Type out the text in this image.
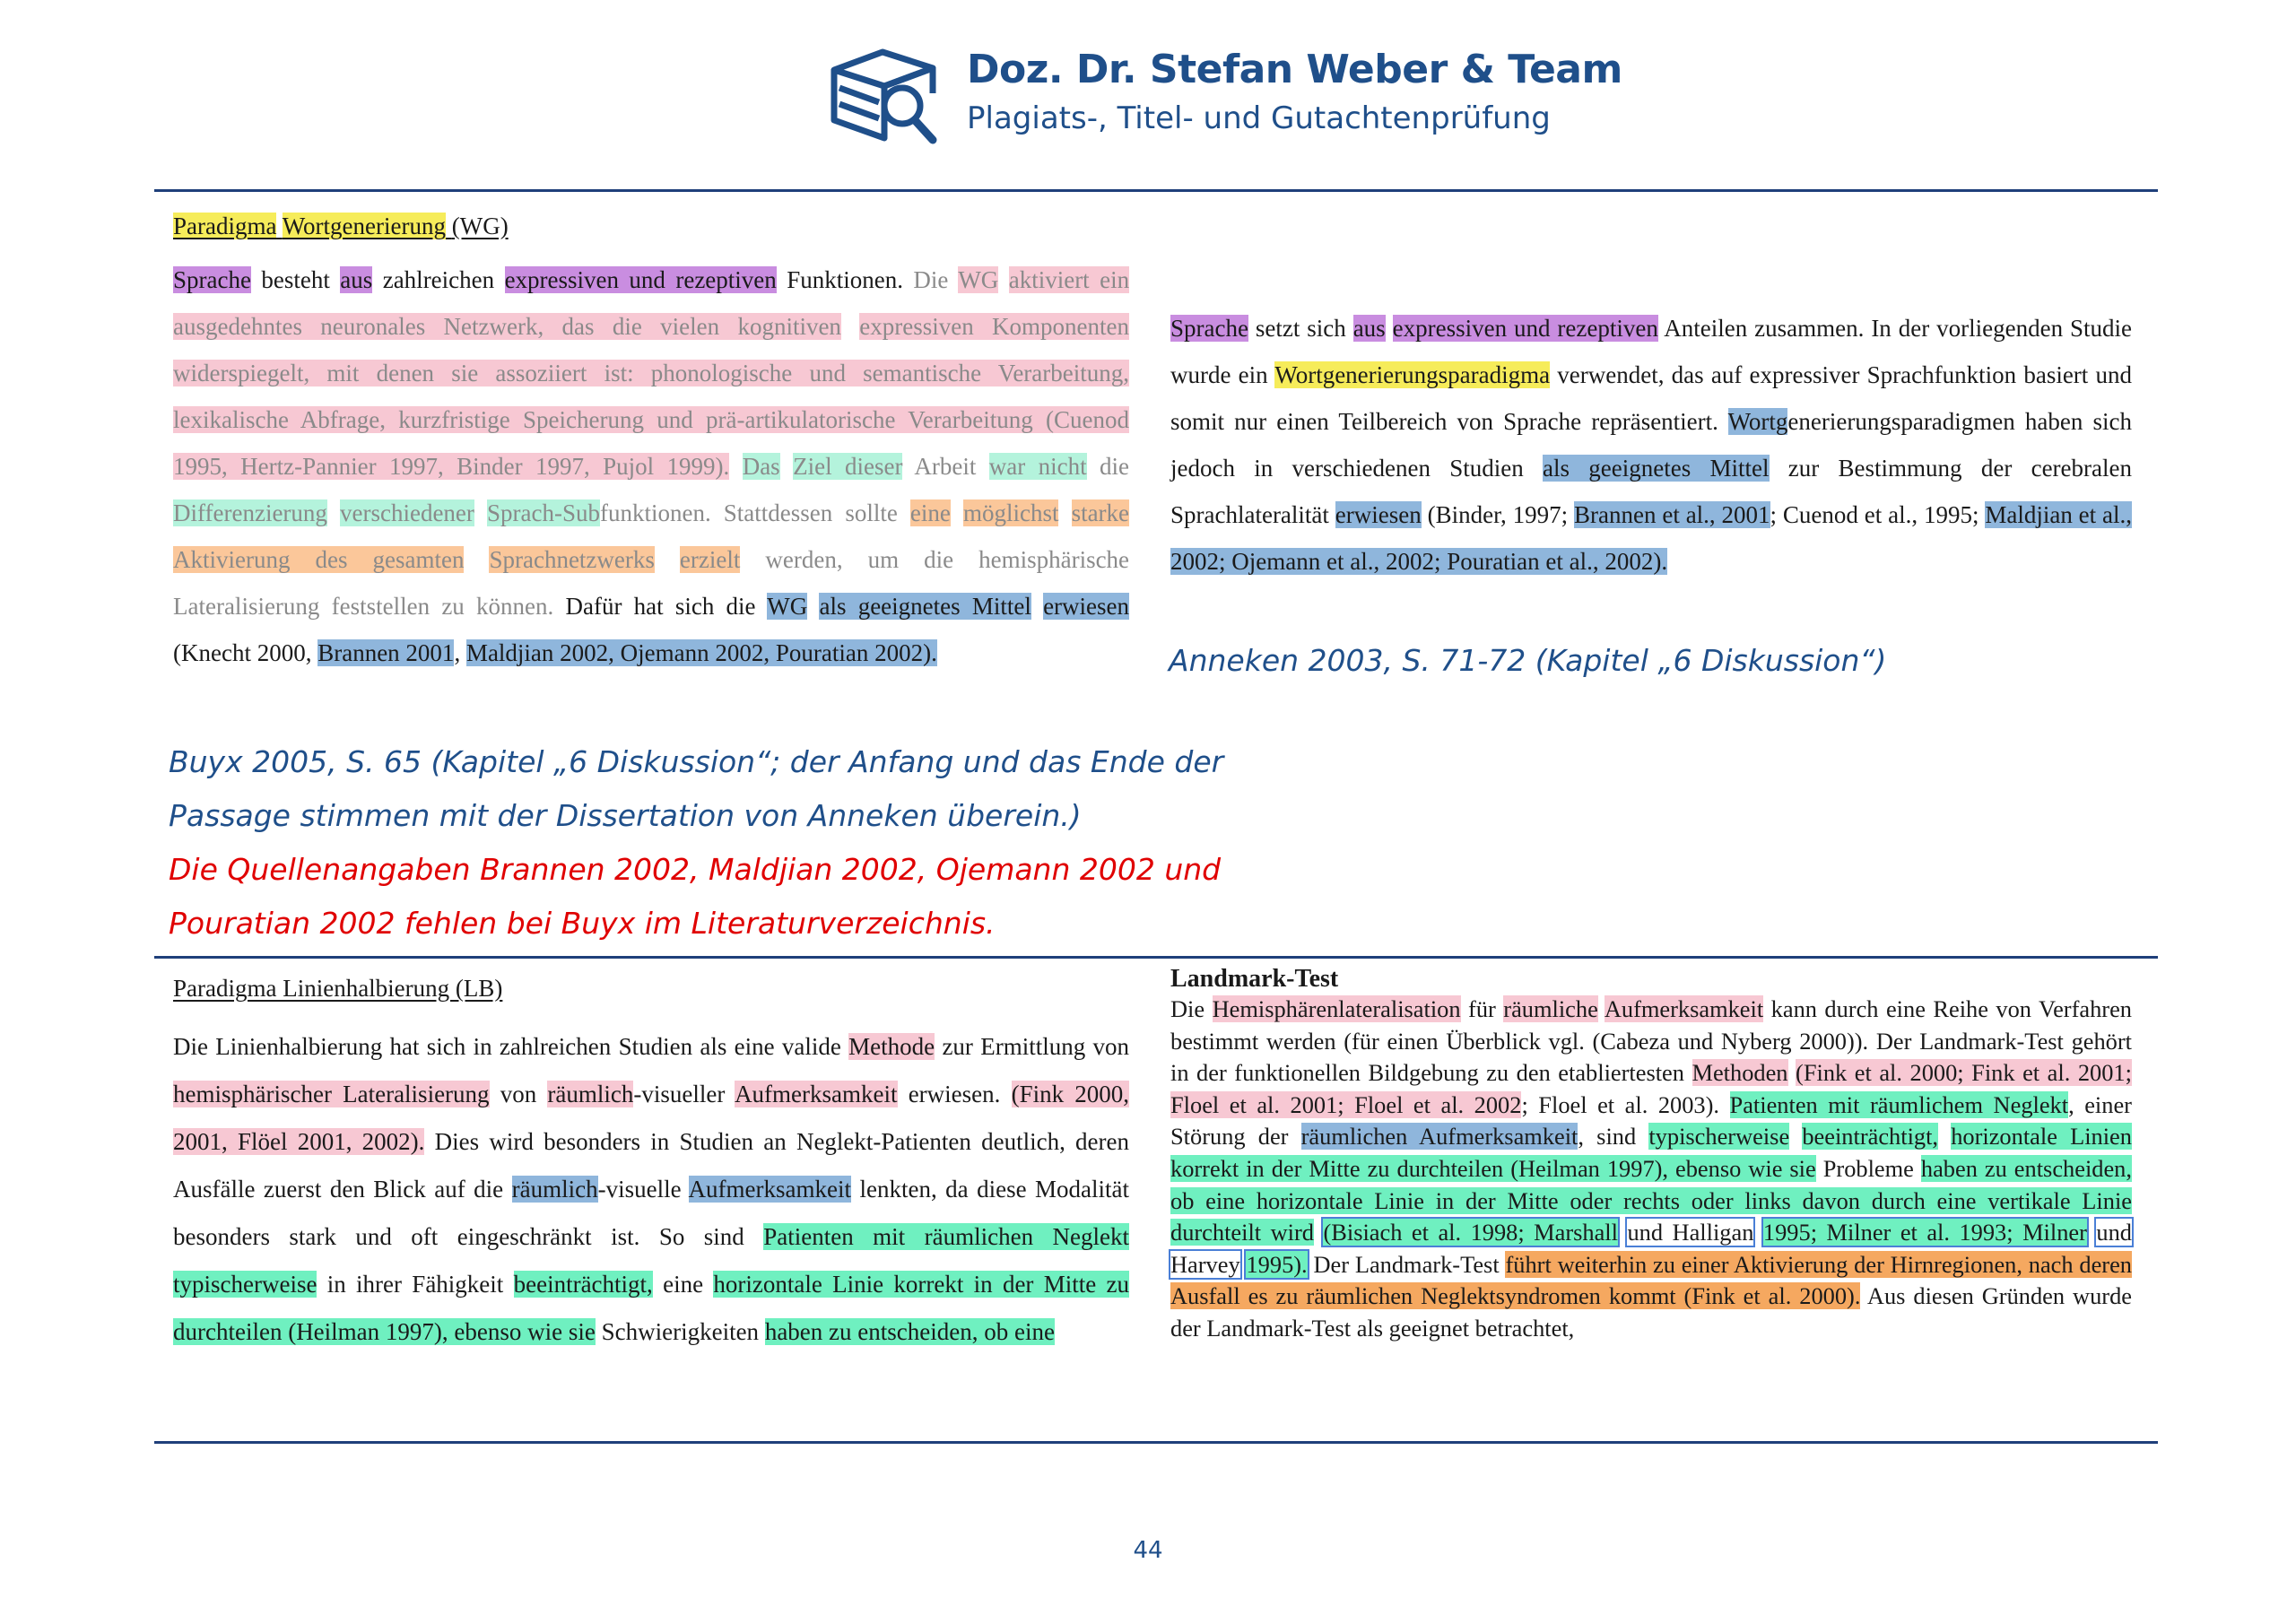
Doz. Dr. Stefan Weber & Team
Plagiats-, Titel- und Gutachtenprüfung
Paradigma Wortgenerierung (WG)

Sprache besteht aus zahlreichen expressiven und rezeptiven Funktionen. Die WG aktiviert ein ausgedehntes neuronales Netzwerk, das die vielen kognitiven expressiven Komponenten widerspiegelt, mit denen sie assoziiert ist: phonologische und semantische Verarbeitung, lexikalische Abfrage, kurzfristige Speicherung und prä-artikulatorische Verarbeitung (Cuenod 1995, Hertz-Pannier 1997, Binder 1997, Pujol 1999). Das Ziel dieser Arbeit war nicht die Differenzierung verschiedener Sprach-Subfunktionen. Stattdessen sollte eine möglichst starke Aktivierung des gesamten Sprachnetzwerks erzielt werden, um die hemisphärische Lateralisierung feststellen zu können. Dafür hat sich die WG als geeignetes Mittel erwiesen (Knecht 2000, Brannen 2001, Maldjian 2002, Ojemann 2002, Pouratian 2002).

Buyx 2005, S. 65 (Kapitel „6 Diskussion“; der Anfang und das Ende der
Passage stimmen mit der Dissertation von Anneken überein.)
Die Quellenangaben Brannen 2002, Maldjian 2002, Ojemann 2002 und
Pouratian 2002 fehlen bei Buyx im Literaturverzeichnis.

Sprache setzt sich aus expressiven und rezeptiven Anteilen zusammen. In der vorliegenden Studie wurde ein Wortgenerierungsparadigma verwendet, das auf expressiver Sprachfunktion basiert und somit nur einen Teilbereich von Sprache repräsentiert. Wortgenerierungsparadigmen haben sich jedoch in verschiedenen Studien als geeignetes Mittel zur Bestimmung der cerebralen Sprachlateralität erwiesen (Binder, 1997; Brannen et al., 2001; Cuenod et al., 1995; Maldjian et al., 2002; Ojemann et al., 2002; Pouratian et al., 2002).

Anneken 2003, S. 71-72 (Kapitel „6 Diskussion“)
Paradigma Linienhalbierung (LB)

Die Linienhalbierung hat sich in zahlreichen Studien als eine valide Methode zur Ermittlung von hemisphärischer Lateralisierung von räumlich-visueller Aufmerksamkeit erwiesen. (Fink 2000, 2001, Flöel 2001, 2002). Dies wird besonders in Studien an Neglekt-Patienten deutlich, deren Ausfälle zuerst den Blick auf die räumlich-visuelle Aufmerksamkeit lenkten, da diese Modalität besonders stark und oft eingeschränkt ist. So sind Patienten mit räumlichen Neglekt typischerweise in ihrer Fähigkeit beeinträchtigt, eine horizontale Linie korrekt in der Mitte zu durchteilen (Heilman 1997), ebenso wie sie Schwierigkeiten haben zu entscheiden, ob eine

Landmark-Test

Die Hemisphärenlateralisation für räumliche Aufmerksamkeit kann durch eine Reihe von Verfahren bestimmt werden (für einen Überblick vgl. (Cabeza und Nyberg 2000)). Der Landmark-Test gehört in der funktionellen Bildgebung zu den etabliertesten Methoden (Fink et al. 2000; Fink et al. 2001; Floel et al. 2001; Floel et al. 2002; Floel et al. 2003). Patienten mit räumlichem Neglekt, einer Störung der räumlichen Aufmerksamkeit, sind typischerweise beeinträchtigt, horizontale Linien korrekt in der Mitte zu durchteilen (Heilman 1997), ebenso wie sie Probleme haben zu entscheiden, ob eine horizontale Linie in der Mitte oder rechts oder links davon durch eine vertikale Linie durchteilt wird (Bisiach et al. 1998; Marshall und Halligan 1995; Milner et al. 1993; Milner und Harvey 1995). Der Landmark-Test führt weiterhin zu einer Aktivierung der Hirnregionen, nach deren Ausfall es zu räumlichen Neglektsyndromen kommt (Fink et al. 2000). Aus diesen Gründen wurde der Landmark-Test als geeignet betrachtet,

44
